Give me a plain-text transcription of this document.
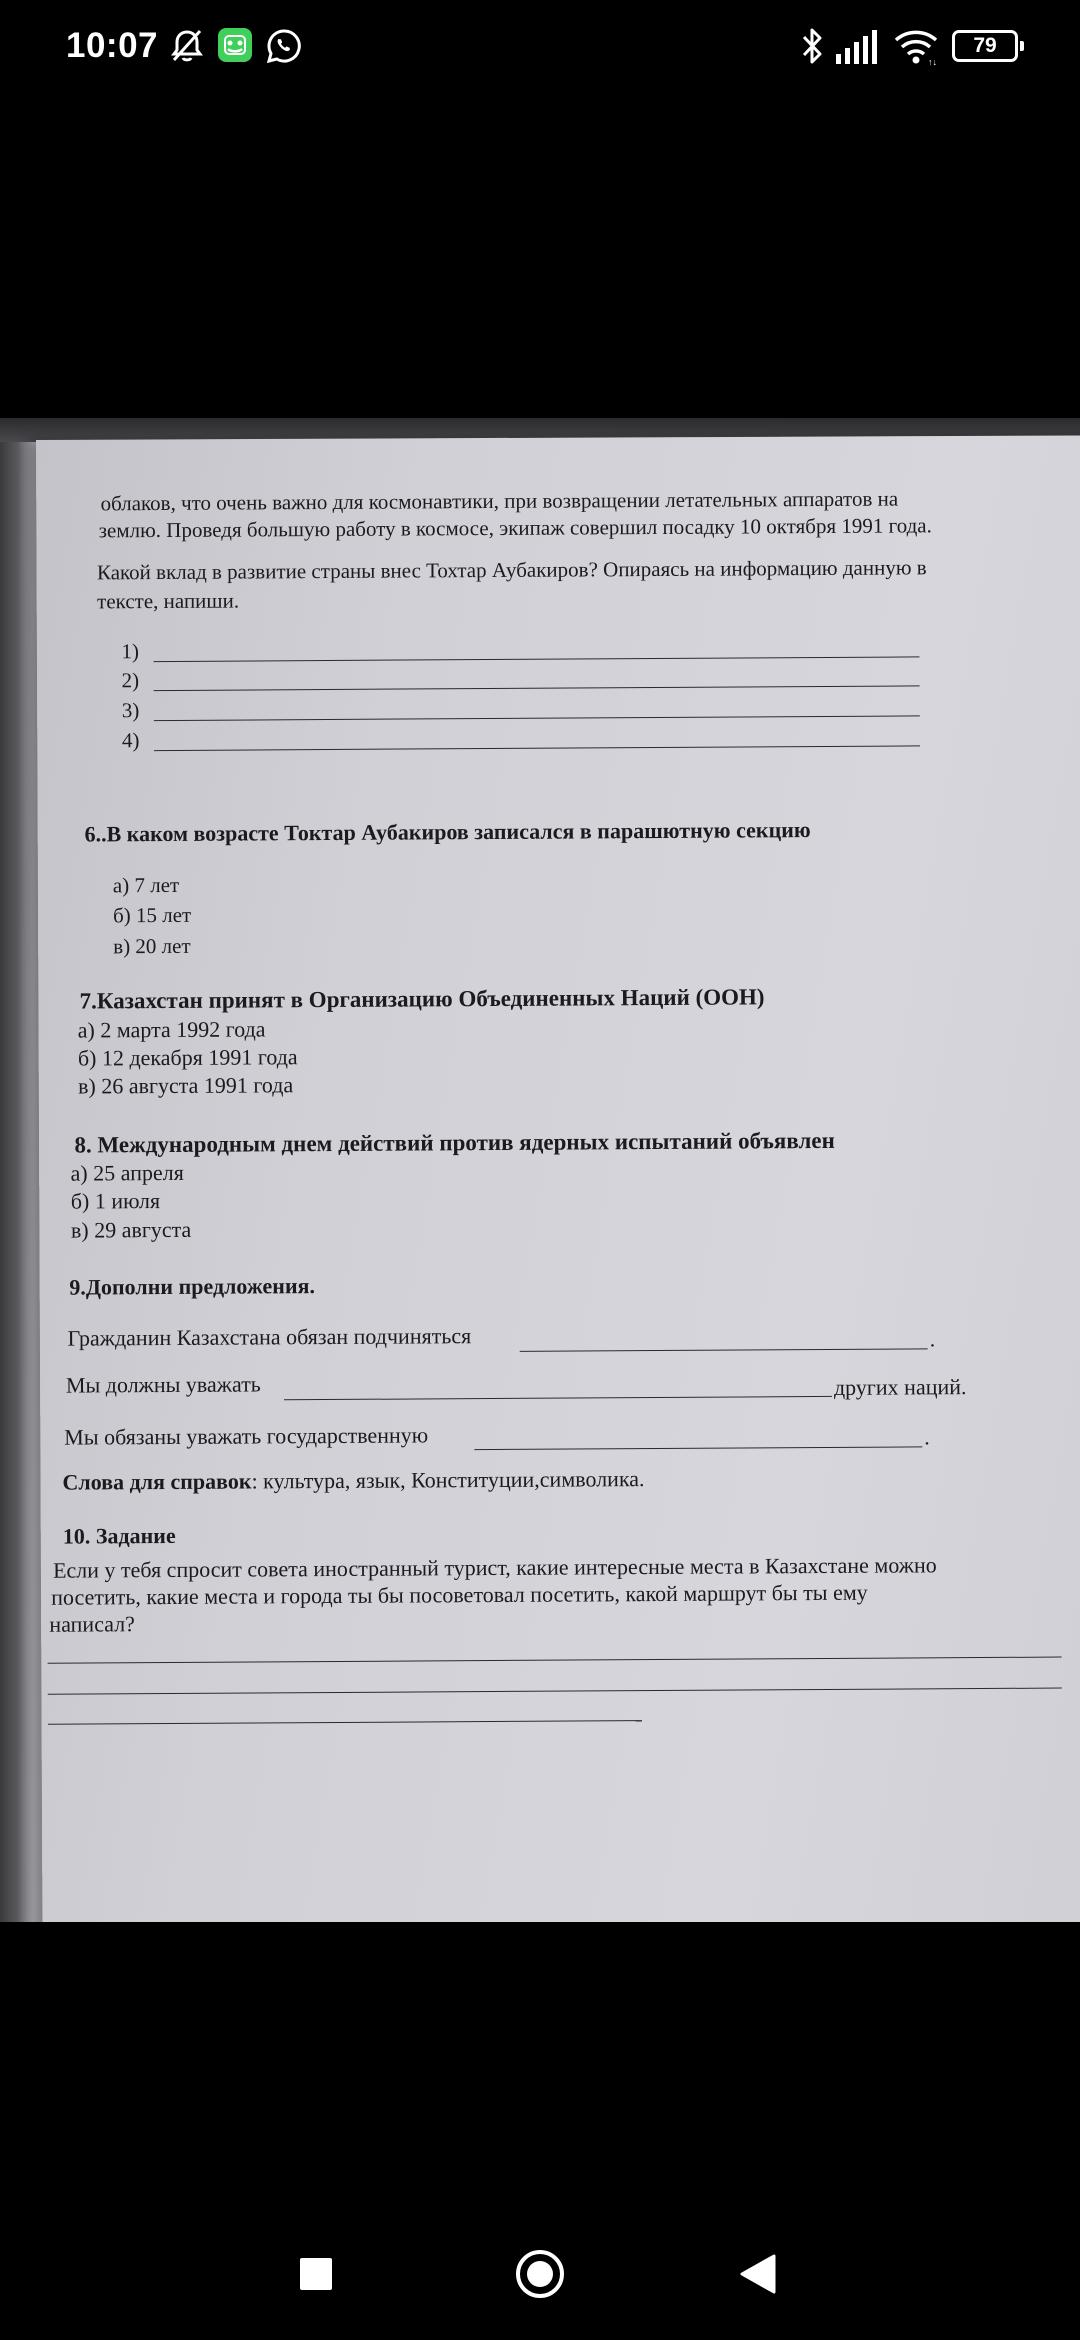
10:07	↑↓
79
облаков, что очень важно для космонавтики, при возвращении летательных аппаратов на
землю. Проведя большую работу в космосе, экипаж совершил посадку 10 октября 1991 года.
Какой вклад в развитие страны внес Тохтар Аубакиров? Опираясь на информацию данную в
тексте, напиши.
1)
2)
3)
4)
6..В каком возрасте Токтар Аубакиров записался в парашютную секцию
а) 7 лет
б) 15 лет
в) 20 лет
7.Казахстан принят в Организацию Объединенных Наций (ООН)
а) 2 марта 1992 года
б) 12 декабря 1991 года
в) 26 августа 1991 года
8. Международным днем действий против ядерных испытаний объявлен
а) 25 апреля
б) 1 июля
в) 29 августа
9.Дополни предложения.
Гражданин Казахстана обязан подчиняться	.
Мы должны уважать	других наций.
Мы обязаны уважать государственную	.
Слова для справок: культура, язык, Конституции,символика.
10. Задание
Если у тебя спросит совета иностранный турист, какие интересные места в Казахстане можно
посетить, какие места и города ты бы посоветовал посетить, какой маршрут бы ты ему
написал?
